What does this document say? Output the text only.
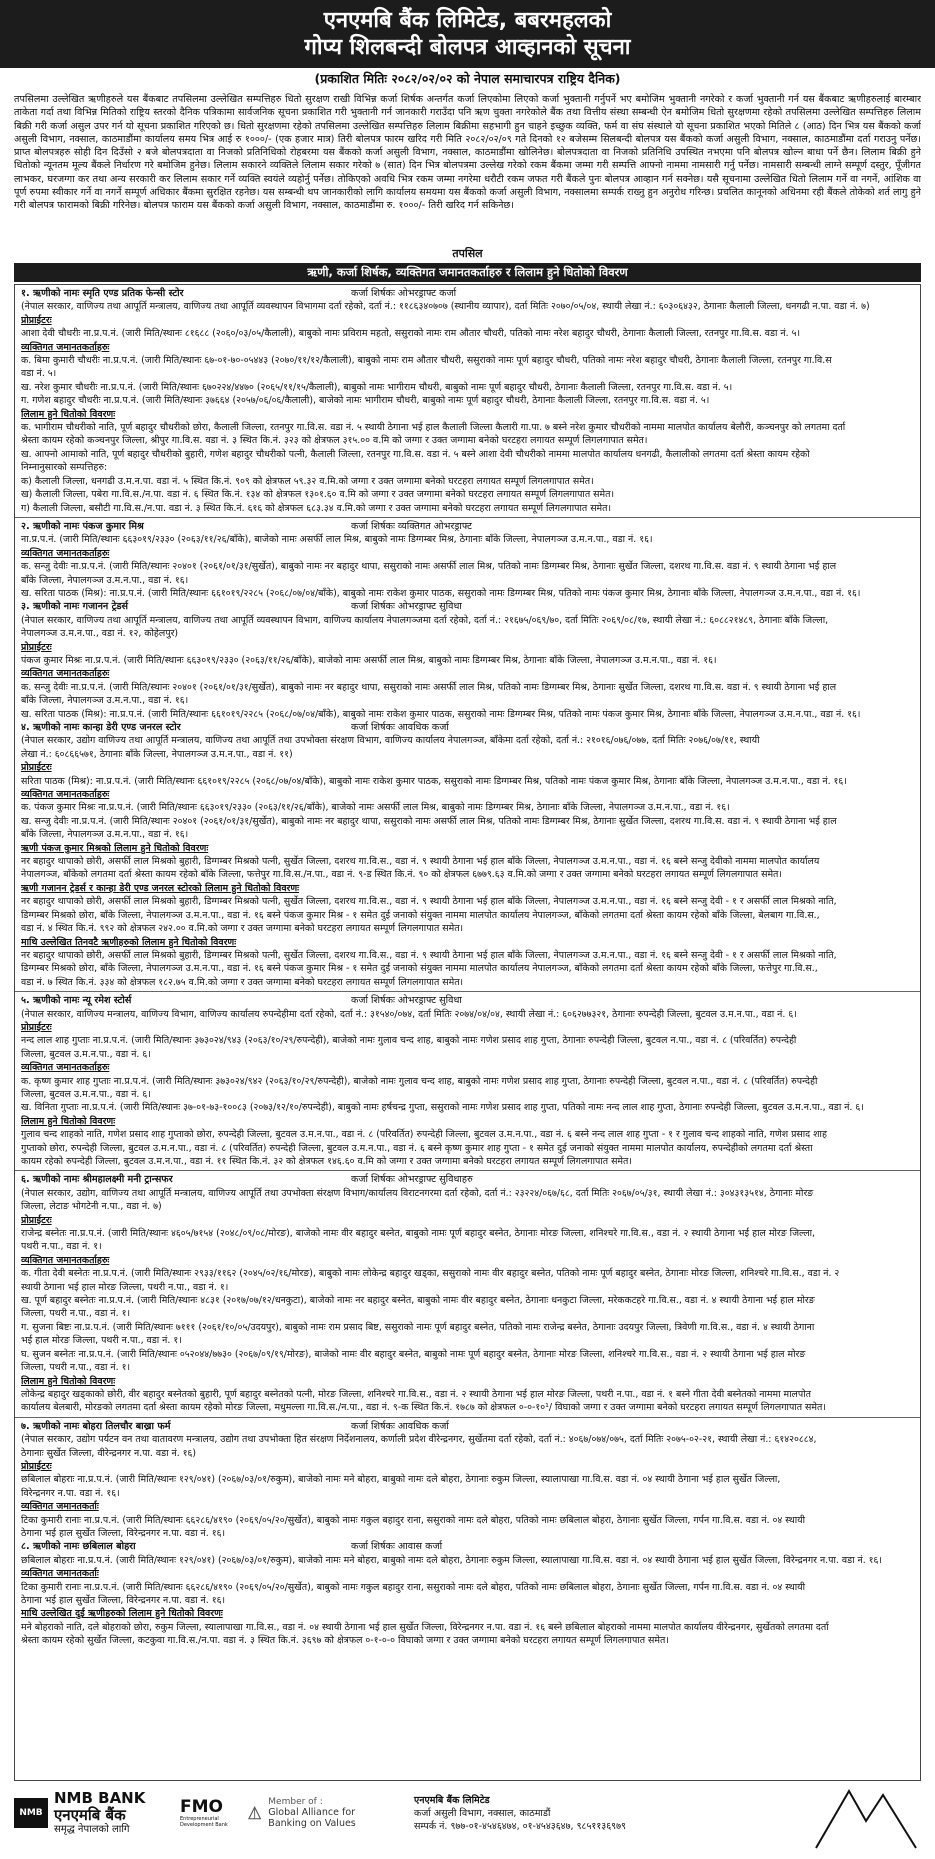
एनएमबि बैंक लिमिटेड, बबरमहलको
गोप्य शिलबन्दी बोलपत्र आव्हानको सूचना
(प्रकाशित मितिः २०८२/०२/०२ को नेपाल समाचारपत्र राष्ट्रिय दैनिक)
तपसिलमा उल्लेखित ऋणीहरुले यस बैंकबाट तपसिलमा उल्लेखित सम्पत्तिहरु धितो सुरक्षण राखी विभिन्न कर्जा शिर्षक अन्तर्गत कर्जा लिएकोमा लिएको कर्जा भुक्तानी गर्नुपर्ने भए बमोजिम भुक्तानी नगरेको र कर्जा भुक्तानी गर्न यस बैंकबाट ऋणीहरुलाई बारम्बार ताकेता गर्दा तथा विभिन्न मितिको राष्ट्रिय स्तरको दैनिक पत्रिकामा सार्वजनिक सूचना प्रकाशित गरी भुक्तानी गर्न जानकारी गराउँदा पनि ऋण चुक्ता नगरेकोले बैंक तथा वित्तीय संस्था सम्बन्धी ऐन बमोजिम धितो सुरक्षणमा रहेको तपसिलमा उल्लेखित सम्पत्तिहरु लिलाम बिक्री गरी कर्जा असुल उपर गर्न यो सूचना प्रकाशित गरिएको छ। धितो सुरक्षणमा रहेको तपसिलमा उल्लेखित सम्पत्तिहरु लिलाम बिक्रीमा सहभागी हुन चाहने इच्छुक व्यक्ति, फर्म वा संघ संस्थाले यो सूचना प्रकाशित भएको मितिले ८ (आठ) दिन भित्र यस बैंकको कर्जा असुली विभाग, नक्साल, काठमाडौंमा कार्यालय समय भित्र आई रु १०००/- (एक हजार मात्र) तिरी बोलपत्र फारम खरिद गरी मिति २०८२/०२/०९ गते दिनको १२ बजेसम्म सिलबन्दी बोलपत्र यस बैंकको कर्जा असुली विभाग, नक्साल, काठमाडौंमा दर्ता गराउनु पर्नेछ। प्राप्त बोलपत्रहरु सोही दिन दिउँसो २ बजे बोलपत्रदाता वा निजको प्रतिनिधिको रोहबरमा यस बैंकको कर्जा असुली विभाग, नक्साल, काठमाडौंमा खोलिनेछ। बोलपत्रदाता वा निजको प्रतिनिधि उपस्थित नभएमा पनि बोलपत्र खोल्न बाधा पर्ने छैन। लिलाम बिक्री हुने धितोको न्यूनतम मूल्य बैंकले निर्धारण गरे बमोजिम हुनेछ। लिलाम सकारने व्यक्तिले लिलाम सकार गरेको ७ (सात) दिन भित्र बोलपत्रमा उल्लेख गरेको रकम बैंकमा जम्मा गरी सम्पत्ति आफ्नो नाममा नामसारी गर्नु पर्नेछ। नामसारी सम्बन्धी लाग्ने सम्पूर्ण दस्तुर, पूँजीगत लाभकर, घरजग्गा कर तथा अन्य सरकारी कर लिलाम सकार गर्ने व्यक्ति स्वयंले व्यहोर्नु पर्नेछ। तोकिएको अवधि भित्र रकम जम्मा नगरेमा धरौटी रकम जफत गरी बैंकले पुनः बोलपत्र आव्हान गर्न सक्नेछ। यसै सूचनामा उल्लेखित धितो लिलाम गर्ने वा नगर्ने, आंशिक वा पूर्ण रुपमा स्वीकार गर्ने वा नगर्ने सम्पूर्ण अधिकार बैंकमा सुरक्षित रहनेछ। यस सम्बन्धी थप जानकारीको लागि कार्यालय समयमा यस बैंकको कर्जा असुली विभाग, नक्सालमा सम्पर्क राख्नु हुन अनुरोध गरिन्छ। प्रचलित कानूनको अधिनमा रही बैंकले तोकेको शर्त लागु हुने गरी बोलपत्र फारामको बिक्री गरिनेछ। बोलपत्र फाराम यस बैंकको कर्जा असुली विभाग, नक्साल, काठमाडौंमा रु. १०००/- तिरी खरिद गर्न सकिनेछ।
तपसिल
ऋणी, कर्जा शिर्षक, व्यक्तिगत जमानतकर्ताहरु र लिलाम हुने धितोको विवरण
१. ऋणीको नामः स्मृति एण्ड प्रतिक फेन्सी स्टोर	कर्जा शिर्षकः ओभरड्राफ्ट कर्जा
(नेपाल सरकार, वाणिज्य तथा आपूर्ति मन्त्रालय, वाणिज्य तथा आपूर्ति व्यवस्थापन विभागमा दर्ता रहेको, दर्ता नं.: ११८६३४०७०७ (स्थानीय व्यापार), दर्ता मितिः २०७०/०५/०४, स्थायी लेखा नं.: ६०३०६४३२, ठेगानाः कैलाली जिल्ला, धनगढी न.पा. वडा नं. ७)
प्रोप्राईटरः
आशा देवी चौधरीः ना.प्र.प.नं. (जारी मिति/स्थानः ८१६८८ (२०६०/०३/०५/कैलाली), बाबुको नामः प्रविराम महतो, ससुराको नामः राम औतार चौधरी, पतिको नामः नरेश बहादुर चौधरी, ठेगानाः कैलाली जिल्ला, रतनपुर गा.वि.स. वडा नं. ५।
व्यक्तिगत जमानतकर्ताहरुः
क. बिमा कुमारी चौधरीः ना.प्र.प.नं. (जारी मिति/स्थानः ६७-०१-७०-०५४४३ (२०७०/११/१२/कैलाली), बाबुको नामः राम औतार चौधरी, ससुराको नामः पूर्ण बहादुर चौधरी, पतिको नामः नरेश बहादुर चौधरी, ठेगानाः कैलाली जिल्ला, रतनपुर गा.वि.स
वडा नं. ५।
ख. नरेश कुमार चौधरीः ना.प्र.प.नं. (जारी मिति/स्थानः ६७०२२४/४४७० (२०६५/११/१५/कैलाली), बाबुको नामः भागीराम चौधरी, बाबुको नामः पूर्ण बहादुर चौधरी, ठेगानाः कैलाली जिल्ला, रतनपुर गा.वि.स. वडा नं. ५।
ग. गणेश बहादुर चौधरीः ना.प्र.प.नं. (जारी मिति/स्थानः ३७६६४ (२०५७/०६/०६/कैलाली), बाजेको नामः भागीराम चौधरी, बाबुको नामः पूर्ण बहादुर चौधरी, ठेगानाः कैलाली जिल्ला, रतनपुर गा.वि.स. वडा नं. ५।
लिलाम हुने धितोको विवरणः
क. भागीराम चौधरीको नाति, पूर्ण बहादुर चौधरीको छोरा, कैलाली जिल्ला, रतनपुर गा.वि.स. वडा नं. ५ स्थायी ठेगाना भई हाल कैलाली जिल्ला कैलारी गा.पा. ७ बस्ने नरेश कुमार चौधरीको नाममा मालपोत कार्यालय बेलौरी, कञ्चनपुर को लगतमा दर्ता
श्रेस्ता कायम रहेको कञ्चनपुर जिल्ला, श्रीपुर गा.वि.स. वडा नं. ३ स्थित कि.नं. ३२३ को क्षेत्रफल ३१५.०० व.मि को जग्गा र उक्त जग्गामा बनेको घरटहरा लगायत सम्पूर्ण लिगलगापात समेत।
ख. आफ्नो आमाको नाति, पूर्ण बहादुर चौधरीको बुहारी, गणेश बहादुर चौधरीको पत्नी, कैलाली जिल्ला, रतनपुर गा.वि.स. वडा नं. ५ बस्ने आशा देवी चौधरीको नाममा मालपोत कार्यालय धनगढी, कैलालीको लगतमा दर्ता श्रेस्ता कायम रहेको
निम्नानुसारको सम्पत्तिहरु:
क) कैलाली जिल्ला, धनगढी उ.म.न.पा. वडा नं. ५ स्थित कि.नं. ९०९ को क्षेत्रफल ५९.३२ व.मि.को जग्गा र उक्त जग्गामा बनेको घरटहरा लगायत सम्पूर्ण लिगलगापात समेत।
ख) कैलाली जिल्ला, पबेरा गा.वि.स./न.पा. वडा नं. ६ स्थित कि.नं. १३४ को क्षेत्रफल १३०१.६० व.मि को जग्गा र उक्त जग्गामा बनेको घरटहरा लगायत सम्पूर्ण लिगलगापात समेत।
ग) कैलाली जिल्ला, बसौटी गा.वि.स./न.पा. वडा नं. ३ स्थित कि.नं. ६१६ को क्षेत्रफल ६८३.३४ व.मि.को जग्गा र उक्त जग्गामा बनेको घरटहरा लगायत सम्पूर्ण लिगलगापात समेत।
२. ऋणीको नामः पंकज कुमार मिश्र	कर्जा शिर्षकः व्यक्तिगत ओभरड्राफ्ट
ना.प्र.प.नं. (जारी मिति/स्थानः ६६३०१९/२३३० (२०६३/११/२६/बाँके), बाजेको नामः असर्फी लाल मिश्र, बाबुको नामः डिग्गम्बर मिश्र, ठेगानाः बाँके जिल्ला, नेपालगञ्ज उ.म.न.पा., वडा नं. १६।
व्यक्तिगत जमानतकर्ताहरुः
क. सन्जु देवीः ना.प्र.प.नं. (जारी मिति/स्थानः २०४०१ (२०६१/०१/३१/सुर्खेत), बाबुको नामः नर बहादुर थापा, ससुराको नामः असर्फी लाल मिश्र, पतिको नामः डिग्गम्बर मिश्र, ठेगानाः सुर्खेत जिल्ला, दशरथ गा.वि.स. वडा नं. ९ स्थायी ठेगाना भई हाल
बाँके जिल्ला, नेपालगञ्ज उ.म.न.पा., वडा नं. १६।
ख. सरिता पाठक (मिश्र): ना.प्र.प.नं. (जारी मिति/स्थानः ६६१०१९/२२८५ (२०६८/०७/०४/बाँके), बाबुको नामः राकेश कुमार पाठक, ससुराको नामः डिग्गम्बर मिश्र, पतिको नामः पंकज कुमार मिश्र, ठेगानाः बाँके जिल्ला, नेपालगञ्ज उ.म.न.पा., वडा नं. १६।
३. ऋणीको नामः गजानन ट्रेडर्स	कर्जा शिर्षकः ओभरड्राफ्ट सुविधा
(नेपाल सरकार, वाणिज्य तथा आपूर्ति मन्त्रालय, वाणिज्य तथा आपूर्ति व्यवस्थापन विभाग, वाणिज्य कार्यालय नेपालगञ्जमा दर्ता रहेको, दर्ता नं.: २१६७५/०६९/७०, दर्ता मितिः २०६९/०८/१७, स्थायी लेखा नं.: ६०८८२१४८९, ठेगानाः बाँके जिल्ला,
नेपालगञ्ज उ.म.न.पा., वडा नं. १२, कोहेलपुर)
प्रोप्राईटरः
पंकज कुमार मिश्रः ना.प्र.प.नं. (जारी मिति/स्थानः ६६३०१९/२३३० (२०६३/११/२६/बाँके), बाजेको नामः असर्फी लाल मिश्र, बाबुको नामः डिग्गम्बर मिश्र, ठेगानाः बाँके जिल्ला, नेपालगञ्ज उ.म.न.पा., वडा नं. १६।
व्यक्तिगत जमानतकर्ताहरुः
क. सन्जु देवीः ना.प्र.प.नं. (जारी मिति/स्थानः २०४०१ (२०६१/०१/३१/सुर्खेत), बाबुको नामः नर बहादुर थापा, ससुराको नामः असर्फी लाल मिश्र, पतिको नामः डिग्गम्बर मिश्र, ठेगानाः सुर्खेत जिल्ला, दशरथ गा.वि.स. वडा नं. ९ स्थायी ठेगाना भई हाल
बाँके जिल्ला, नेपालगञ्ज उ.म.न.पा., वडा नं. १६।
ख. सरिता पाठक (मिश्र): ना.प्र.प.नं. (जारी मिति/स्थानः ६६१०१९/२२८५ (२०६८/०७/०४/बाँके), बाबुको नामः राकेश कुमार पाठक, ससुराको नामः डिग्गम्बर मिश्र, पतिको नामः पंकज कुमार मिश्र, ठेगानाः बाँके जिल्ला, नेपालगञ्ज उ.म.न.पा., वडा नं. १६।
४. ऋणीको नामः कान्हा डेरी एण्ड जनरल स्टोर	कर्जा शिर्षकः आवधिक कर्जा
(नेपाल सरकार, उद्योग वाणिज्य तथा आपूर्ति मन्त्रालय, वाणिज्य तथा आपूर्ति तथा उपभोक्ता संरक्षण विभाग, वाणिज्य कार्यालय नेपालगञ्ज, बाँकेमा दर्ता रहेको, दर्ता नं.: २१०१६/०७६/०७७, दर्ता मितिः २०७६/०७/११, स्थायी
लेखा नं.: ६०८६६५७१, ठेगानाः बाँके जिल्ला, नेपालगञ्ज उ.म.न.पा., वडा नं. ११)
प्रोप्राईटरः
सरिता पाठक (मिश्र): ना.प्र.प.नं. (जारी मिति/स्थानः ६६१०१९/२२८५ (२०६८/०७/०४/बाँके), बाबुको नामः राकेश कुमार पाठक, ससुराको नामः डिग्गम्बर मिश्र, पतिको नामः पंकज कुमार मिश्र, ठेगानाः बाँके जिल्ला, नेपालगञ्ज उ.म.न.पा., वडा नं. १६।
व्यक्तिगत जमानतकर्ताहरुः
क. पंकज कुमार मिश्रः ना.प्र.प.नं. (जारी मिति/स्थानः ६६३०१९/२३३० (२०६३/११/२६/बाँके), बाजेको नामः असर्फी लाल मिश्र, बाबुको नामः डिग्गम्बर मिश्र, ठेगानाः बाँके जिल्ला, नेपालगञ्ज उ.म.न.पा., वडा नं. १६।
ख. सन्जु देवीः ना.प्र.प.नं. (जारी मिति/स्थानः २०४०१ (२०६१/०१/३१/सुर्खेत), बाबुको नामः नर बहादुर थापा, ससुराको नामः असर्फी लाल मिश्र, पतिको नामः डिग्गम्बर मिश्र, ठेगानाः सुर्खेत जिल्ला, दशरथ गा.वि.स. वडा नं. ९ स्थायी ठेगाना भई हाल
बाँके जिल्ला, नेपालगञ्ज उ.म.न.पा., वडा नं. १६।
ऋणी पंकज कुमार मिश्रको लिलाम हुने धितोको विवरणः
नर बहादुर थापाको छोरी, असर्फी लाल मिश्रको बुहारी, डिग्गम्बर मिश्रको पत्नी, सुर्खेत जिल्ला, दशरथ गा.वि.स., वडा नं. ९ स्थायी ठेगाना भई हाल बाँके जिल्ला, नेपालगञ्ज उ.म.न.पा., वडा नं. १६ बस्ने सन्जु देवीको नाममा मालपोत कार्यालय
नेपालगञ्ज, बाँकेको लगतमा दर्ता श्रेस्ता कायम रहेको बाँके जिल्ला, फत्तेपुर गा.वि.स./न.पा., वडा नं. ९-ड स्थित कि.नं. ९० को क्षेत्रफल ६७७९.६३ व.मि.को जग्गा र उक्त जग्गामा बनेको घरटहरा लगायत सम्पूर्ण लिगलगापात समेत।
ऋणी गजानन ट्रेडर्स र कान्हा डेरी एण्ड जनरल स्टोरको लिलाम हुने धितोको विवरणः
नर बहादुर थापाको छोरी, असर्फी लाल मिश्रको बुहारी, डिग्गम्बर मिश्रको पत्नी, सुर्खेत जिल्ला, दशरथ गा.वि.स., वडा नं. ९ स्थायी ठेगाना भई हाल बाँके जिल्ला, नेपालगञ्ज उ.म.न.पा., वडा नं. १६ बस्ने सन्जु देवी - १ र असर्फी लाल मिश्रको नाति,
डिग्गम्बर मिश्रको छोरा, बाँके जिल्ला, नेपालगञ्ज उ.म.न.पा., वडा नं. १६ बस्ने पंकज कुमार मिश्र - १ समेत दुई जनाको संयुक्त नाममा मालपोत कार्यालय नेपालगञ्ज, बाँकेको लगतमा दर्ता श्रेस्ता कायम रहेको बाँके जिल्ला, बेलबाग गा.वि.स.,
वडा नं. ४ स्थित कि.नं. ९९२ को क्षेत्रफल २४२.०० व.मि.को जग्गा र उक्त जग्गामा बनेको घरटहरा लगायत सम्पूर्ण लिगलगापात समेत।
माथि उल्लेखित तिनवटै ऋणीहरुको लिलाम हुने धितोको विवरणः
नर बहादुर थापाको छोरी, असर्फी लाल मिश्रको बुहारी, डिग्गम्बर मिश्रको पत्नी, सुर्खेत जिल्ला, दशरथ गा.वि.स., वडा नं. ९ स्थायी ठेगाना भई हाल बाँके जिल्ला, नेपालगञ्ज उ.म.न.पा., वडा नं. १६ बस्ने सन्जु देवी - १ र असर्फी लाल मिश्रको नाति,
डिग्गम्बर मिश्रको छोरा, बाँके जिल्ला, नेपालगञ्ज उ.म.न.पा., वडा नं. १६ बस्ने पंकज कुमार मिश्र - १ समेत दुई जनाको संयुक्त नाममा मालपोत कार्यालय नेपालगञ्ज, बाँकेको लगतमा दर्ता श्रेस्ता कायम रहेको बाँके जिल्ला, फत्तेपुर गा.वि.स.,
वडा नं. ७ स्थित कि.नं. ३३४ को क्षेत्रफल १८२.७५ व.मि.को जग्गा र उक्त जग्गामा बनेको घरटहरा लगायत सम्पूर्ण लिगलगापात समेत।
५. ऋणीको नामः न्यू रमेश स्टोर्स	कर्जा शिर्षकः ओभरड्राफ्ट सुविधा
(नेपाल सरकार, वाणिज्य मन्त्रालय, वाणिज्य विभाग, वाणिज्य कार्यालय रुपन्देहीमा दर्ता रहेको, दर्ता नं.: ३१५४०/०७४, दर्ता मितिः २०७४/०४/०४, स्थायी लेखा नं.: ६०६२७७३२१, ठेगानाः रुपन्देही जिल्ला, बुटवल उ.म.न.पा., वडा नं. ६।
प्रोप्राईटरः
नन्द लाल शाह गुप्ताः ना.प्र.प.नं. (जारी मिति/स्थानः ३७३०२४/९४३ (२०६३/१०/२९/रुपन्देही), बाजेको नामः गुलाव चन्द शाह, बाबुको नामः गणेश प्रसाद शाह गुप्ता, ठेगानाः रुपन्देही जिल्ला, बुटवल न.पा., वडा नं. ८ (परिवर्तित) रुपन्देही
जिल्ला, बुटवल उ.म.न.पा., वडा नं. ६।
व्यक्तिगत जमानतकर्ताहरुः
क. कृष्ण कुमार शाह गुप्ताः ना.प्र.प.नं. (जारी मिति/स्थानः ३७३०२४/९४२ (२०६३/१०/२९/रुपन्देही), बाजेको नामः गुलाव चन्द शाह, बाबुको नामः गणेश प्रसाद शाह गुप्ता, ठेगानाः रुपन्देही जिल्ला, बुटवल न.पा., वडा नं. ८ (परिवर्तित) रुपन्देही
जिल्ला, बुटवल उ.म.न.पा., वडा नं. ६।
ख. विनिता गुप्ताः ना.प्र.प.नं. (जारी मिति/स्थानः ३७-०१-७३-१००८३ (२०७३/१२/१०/रुपन्देही), बाबुको नामः हर्षचन्द्र गुप्ता, ससुराको नामः गणेश प्रसाद शाह गुप्ता, पतिको नामः नन्द लाल शाह गुप्ता, ठेगानाः रुपन्देही जिल्ला, बुटवल उ.म.न.पा., वडा नं. ६।
लिलाम हुने धितोको विवरणः
गुलाव चन्द शाहको नाति, गणेश प्रसाद शाह गुप्ताको छोरा, रुपन्देही जिल्ला, बुटवल उ.म.न.पा., वडा नं. ८ (परिवर्तित) रुपन्देही जिल्ला, बुटवल उ.म.न.पा., वडा नं. ६ बस्ने नन्द लाल शाह गुप्ता - १ र गुलाव चन्द शाहको नाति, गणेश प्रसाद शाह
गुप्ताको छोरा, रुपन्देही जिल्ला, बुटवल उ.म.न.पा., वडा नं. ८ (परिवर्तित) रुपन्देही जिल्ला, बुटवल उ.म.न.पा., वडा नं. ६ बस्ने कृष्ण कुमार शाह गुप्ता - १ समेत दुई जनाको संयुक्त नाममा मालपोत कार्यालय, रुपन्देहीको लगतमा दर्ता श्रेस्ता
कायम रहेको रुपन्देही जिल्ला, बुटवल उ.म.न.पा., वडा नं. ११ स्थित कि.नं. ३२ को क्षेत्रफल १४६.६० व.मि को जग्गा र उक्त जग्गामा बनेको घरटहरा लगायत सम्पूर्ण लिगलगापात समेत।
६. ऋणीको नामः श्रीमहालक्ष्मी मनी ट्रान्सफर	कर्जा शिर्षकः ओभरड्राफ्ट सुविधाहरु
(नेपाल सरकार, उद्योग, वाणिज्य तथा आपूर्ति मन्त्रालय, वाणिज्य आपूर्ति तथा उपभोक्ता संरक्षण विभाग/कार्यालय विराटनगरमा दर्ता रहेको, दर्ता नं.: २३२२४/०६७/६८, दर्ता मितिः २०६७/०५/३१, स्थायी लेखा नं.: ३०४३१३५१४, ठेगानाः मोरङ
जिल्ला, लेटाङ भोगटेनी न.पा., वडा नं. ७)
प्रोप्राईटरः
राजेन्द्र बस्नेतः ना.प्र.प.नं. (जारी मिति/स्थानः ४६०५/७१५४ (२०४८/०९/०८/मोरङ), बाजेको नामः वीर बहादुर बस्नेत, बाबुको नामः पूर्ण बहादुर बस्नेत, ठेगानाः मोरङ जिल्ला, शनिश्चरे गा.वि.स., वडा नं. २ स्थायी ठेगाना भई हाल मोरङ जिल्ला,
पथरी न.पा., वडा नं. १।
व्यक्तिगत जमानतकर्ताहरुः
क. गीता देवी बस्नेतः ना.प्र.प.नं. (जारी मिति/स्थानः २९३३/११६२ (२०४५/०२/१६/मोरङ), बाबुको नामः लोकेन्द्र बहादुर खड्का, ससुराको नामः वीर बहादुर बस्नेत, पतिको नामः पूर्ण बहादुर बस्नेत, ठेगानाः मोरङ जिल्ला, शनिश्चरे गा.वि.स., वडा नं. २
स्थायी ठेगाना भई हाल मोरङ जिल्ला, पथरी न.पा., वडा नं. १।
ख. पूर्ण बहादुर बस्नेतः ना.प्र.प.नं. (जारी मिति/स्थानः ४८३१ (२०१७/०७/१२/धनकुटा), बाजेको नामः नर बहादुर बस्नेत, बाबुको नामः वीर बहादुर बस्नेत, ठेगानाः धनकुटा जिल्ला, मरेककटहरे गा.वि.स., वडा नं. ४ स्थायी ठेगाना भई हाल मोरङ
जिल्ला, पथरी न.पा., वडा नं. १।
ग. सुजना बिष्टः ना.प्र.प.नं. (जारी मिति/स्थानः ७१११ (२०६१/१०/०५/उदयपुर), बाबुको नामः राम प्रसाद बिष्ट, ससुराको नामः पूर्ण बहादुर बस्नेत, पतिको नामः राजेन्द्र बस्नेत, ठेगानाः उदयपुर जिल्ला, त्रिवेणी गा.वि.स., वडा नं. ४ स्थायी ठेगाना
भई हाल मोरङ जिल्ला, पथरी न.पा., वडा नं. १।
घ. सुजन बस्नेतः ना.प्र.प.नं. (जारी मिति/स्थानः ०५२०४४/७७३० (२०६७/०९/१९/मोरङ), बाजेको नामः वीर बहादुर बस्नेत, बाबुको नामः पूर्ण बहादुर बस्नेत, ठेगानाः मोरङ जिल्ला, शनिश्चरे गा.वि.स., वडा नं. २ स्थायी ठेगाना भई हाल मोरङ
जिल्ला, पथरी न.पा., वडा नं. १।
लिलाम हुने धितोको विवरणः
लोकेन्द्र बहादुर खड्काको छोरी, वीर बहादुर बस्नेतको बुहारी, पूर्ण बहादुर बस्नेतको पत्नी, मोरङ जिल्ला, शनिश्चरे गा.वि.स., वडा नं. २ स्थायी ठेगाना भई हाल मोरङ जिल्ला, पथरी न.पा., वडा नं. १ बस्ने गीता देवी बस्नेतको नाममा मालपोत
कार्यालय बेलबारी, मोरङको लगतमा दर्ता श्रेस्ता कायम रहेको मोरङ जिल्ला, मधुमल्ला गा.वि.स./न.पा., वडा नं. ९-क स्थित कि.नं. १७८७ को क्षेत्रफल ०-०-१०¹/ विघाको जग्गा र उक्त जग्गामा बनेको घरटहरा लगायत सम्पूर्ण लिगलगापात समेत।
७. ऋणीको नामः बोहरा तिलचौर बाख्रा फर्म	कर्जा शिर्षकः आवधिक कर्जा
(नेपाल सरकार, उद्योग पर्यटन वन तथा वातावरण मन्त्रालय, उद्योग तथा उपभोक्ता हित संरक्षण निर्देशनालय, कर्णाली प्रदेश वीरेन्द्रनगर, सुर्खेतमा दर्ता रहेको, दर्ता नं.: ४०६७/०७४/०७५, दर्ता मितिः २०७५-०२-२१, स्थायी लेखा नं.: ६१४२०८८४,
ठेगानाः सुर्खेत जिल्ला, वीरेन्द्रनगर न.पा. वडा नं. १६)
प्रोप्राईटरः
छबिलाल बोहराः ना.प्र.प.नं. (जारी मिति/स्थानः १२९/०४१) (२०६७/०३/०१/रुकुम), बाजेको नामः मने बोहरा, बाबुको नामः दले बोहरा, ठेगानाः रुकुम जिल्ला, स्यालापाखा गा.वि.स. वडा नं. ०४ स्थायी ठेगाना भई हाल सुर्खेत जिल्ला,
विरेन्द्रनगर न.पा. वडा नं. १६।
व्यक्तिगत जमानतकर्ताः
टिका कुमारी रानाः ना.प्र.प.नं. (जारी मिति/स्थानः ६६२८६/४१९० (२०६९/०५/२०/सुर्खेत), बाबुको नामः गकुल बहादुर राना, ससुराको नामः दले बोहरा, पतिको नामः छबिलाल बोहरा, ठेगानाः सुर्खेत जिल्ला, गर्पन गा.वि.स. वडा नं. ०४ स्थायी
ठेगाना भई हाल सुर्खेत जिल्ला, विरेन्द्रनगर न.पा. वडा नं. १६।
८. ऋणीको नामः छबिलाल बोहरा	कर्जा शिर्षकः आवास कर्जा
छबिलाल बोहराः ना.प्र.प.नं. (जारी मिति/स्थानः १२९/०४१) (२०६७/०३/०१/रुकुम), बाजेको नामः मने बोहरा, बाबुको नामः दले बोहरा, ठेगानाः रुकुम जिल्ला, स्यालापाखा गा.वि.स. वडा नं. ०४ स्थायी ठेगाना भई हाल सुर्खेत जिल्ला, विरेन्द्रनगर न.पा. वडा नं. १६।
व्यक्तिगत जमानतकर्ताः
टिका कुमारी रानाः ना.प्र.प.नं. (जारी मिति/स्थानः ६६२८६/४१९० (२०६९/०५/२०/सुर्खेत), बाबुको नामः गकुल बहादुर राना, ससुराको नामः दले बोहरा, पतिको नामः छबिलाल बोहरा, ठेगानाः सुर्खेत जिल्ला, गर्पन गा.वि.स. वडा नं. ०४ स्थायी
ठेगाना भई हाल सुर्खेत जिल्ला, विरेन्द्रनगर न.पा. वडा नं. १६।
माथि उल्लेखित दुई ऋणीहरुको लिलाम हुने धितोको विवरणः
मने बोहराको नाति, दले बोहराको छोरा, रुकुम जिल्ला, स्यालापाखा गा.वि.स., वडा नं. ०४ स्थायी ठेगाना भई हाल सुर्खेत जिल्ला, विरेन्द्रनगर न.पा. वडा नं. १६ बस्ने छबिलाल बोहराको नाममा मालपोत कार्यालय वीरेन्द्रनगर, सुर्खेतको लगतमा दर्ता
श्रेस्ता कायम रहेको सुर्खेत जिल्ला, कटकुवा गा.वि.स./न.पा. वडा नं. ३ स्थित कि.नं. ३६९७ को क्षेत्रफल ०-१-०-० विघाको जग्गा र उक्त जग्गामा बनेको घरटहरा लगायत सम्पूर्ण लिगलगापात समेत।
NMB
NMB BANK
एनएमबि बैंक
समृद्ध नेपालको लागि
FMO
Entrepreneurial Development Bank
Member of :
Global Alliance for Banking on Values
एनएमबि बैंक लिमिटेड
कर्जा असुली विभाग, नक्साल, काठमाडौं
सम्पर्क नं. ९७७-०१-४५४६४७४, ०१-४५४३६४७, ९८५११३६९७९
